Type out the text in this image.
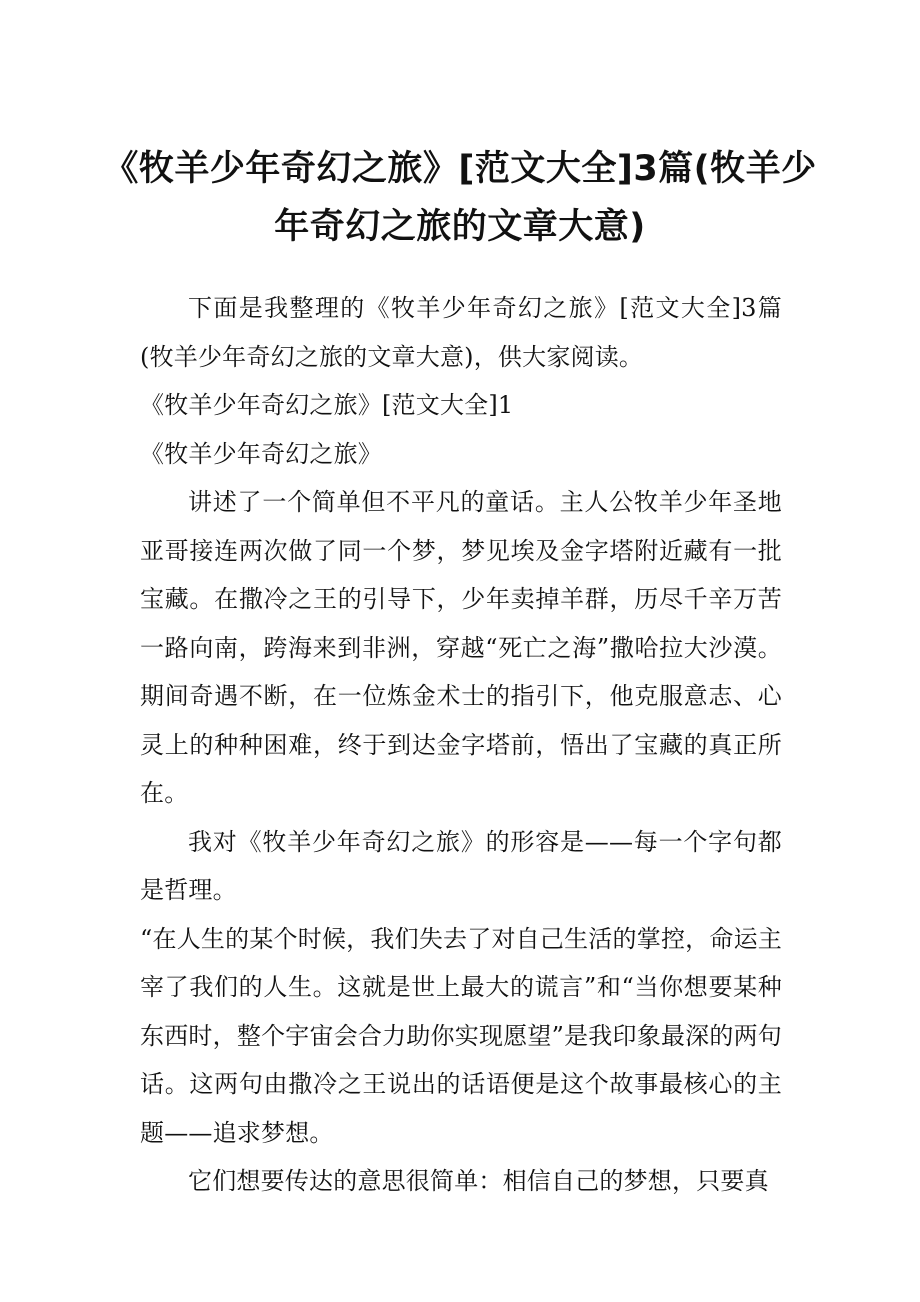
《牧羊少年奇幻之旅》[范文大全]3篇(牧羊少年奇幻之旅的文章大意)

下面是我整理的《牧羊少年奇幻之旅》[范文大全]3篇(牧羊少年奇幻之旅的文章大意)，供大家阅读。

《牧羊少年奇幻之旅》[范文大全]1

《牧羊少年奇幻之旅》

讲述了一个简单但不平凡的童话。主人公牧羊少年圣地亚哥接连两次做了同一个梦，梦见埃及金字塔附近藏有一批宝藏。在撒冷之王的引导下，少年卖掉羊群，历尽千辛万苦一路向南，跨海来到非洲，穿越“死亡之海”撒哈拉大沙漠。期间奇遇不断，在一位炼金术士的指引下，他克服意志、心灵上的种种困难，终于到达金字塔前，悟出了宝藏的真正所在。

我对《牧羊少年奇幻之旅》的形容是——每一个字句都是哲理。

“在人生的某个时候，我们失去了对自己生活的掌控，命运主宰了我们的人生。这就是世上最大的谎言”和“当你想要某种东西时，整个宇宙会合力助你实现愿望”是我印象最深的两句话。这两句由撒冷之王说出的话语便是这个故事最核心的主题——追求梦想。

它们想要传达的意思很简单：相信自己的梦想，只要真
